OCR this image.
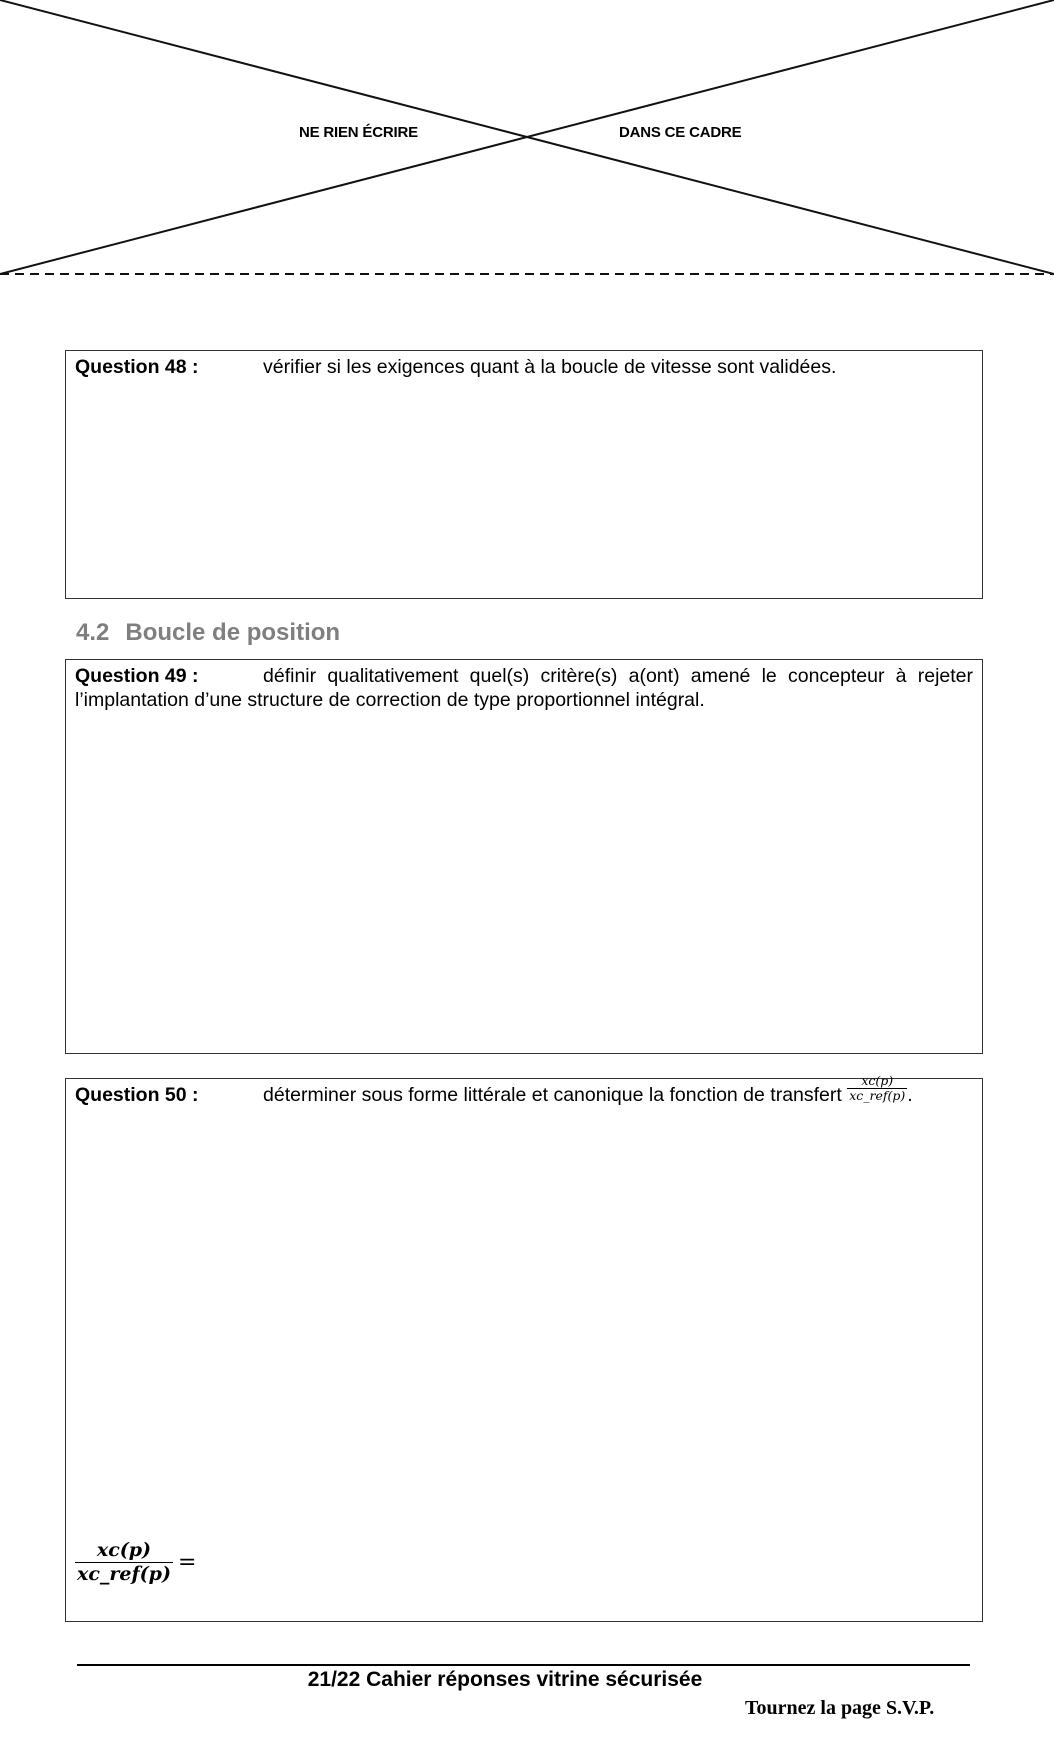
NE RIEN ÉCRIRE	DANS CE CADRE
Question 48 :	vérifier si les exigences quant à la boucle de vitesse sont validées.
4.2 Boucle de position
Question 49 :	définir qualitativement quel(s) critère(s) a(ont) amené le concepteur à rejeter l’implantation d’une structure de correction de type proportionnel intégral.
Question 50 :	déterminer sous forme littérale et canonique la fonction de transfert $\frac{xc(p)}{\text{xc\_ref(p)}}$ .
$\frac{xc(p)}{\text{xc\_ref(p)}}$ =
21/22 Cahier réponses vitrine sécurisée
Tournez la page S.V.P.
